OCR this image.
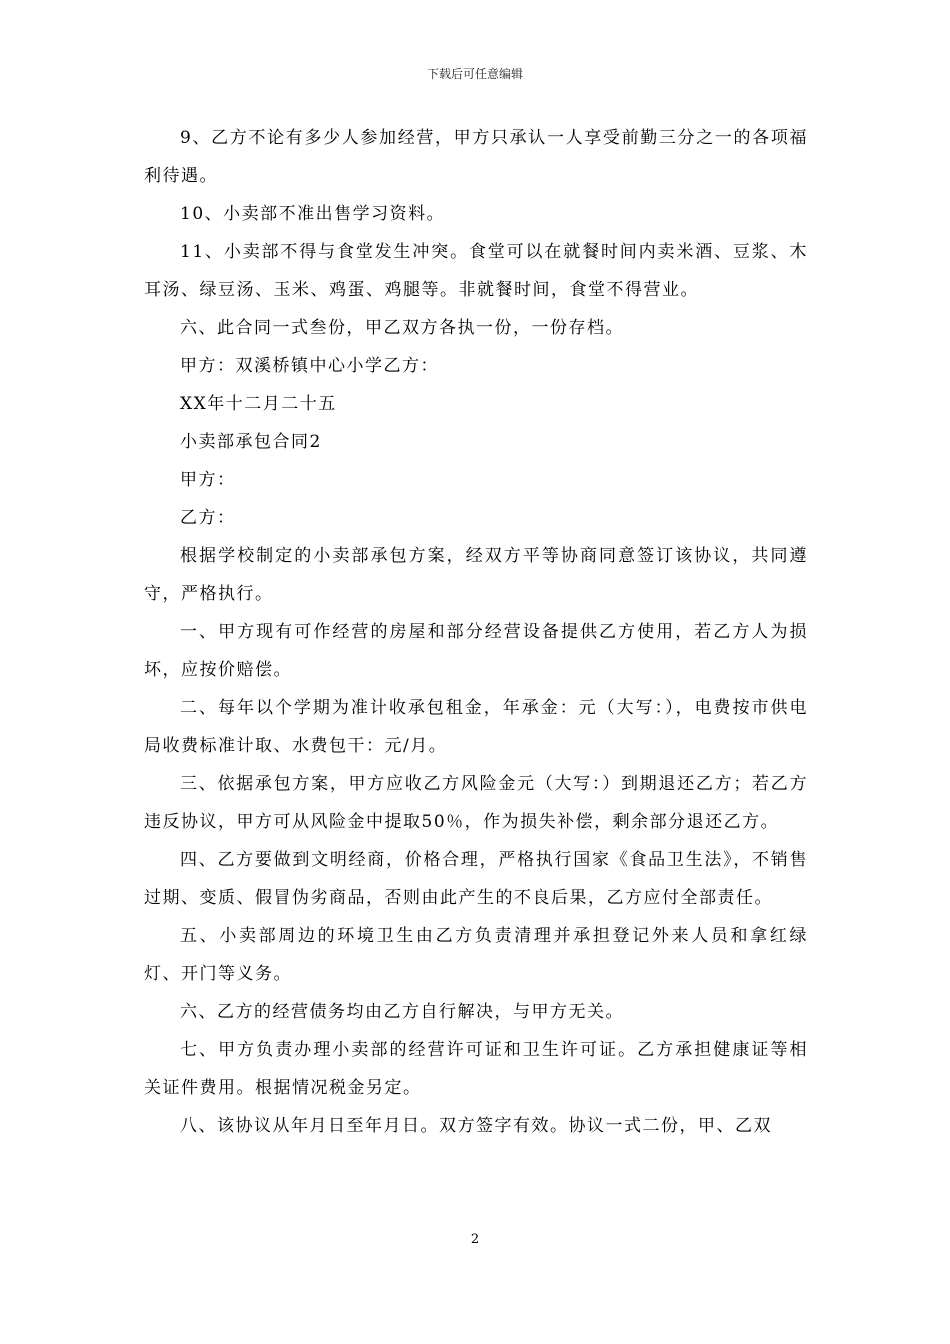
下载后可任意编辑

9、乙方不论有多少人参加经营，甲方只承认一人享受前勤三分之一的各项福利待遇。

10、小卖部不准出售学习资料。

11、小卖部不得与食堂发生冲突。食堂可以在就餐时间内卖米酒、豆浆、木耳汤、绿豆汤、玉米、鸡蛋、鸡腿等。非就餐时间，食堂不得营业。

六、此合同一式叁份，甲乙双方各执一份，一份存档。

甲方：双溪桥镇中心小学乙方：

XX年十二月二十五

小卖部承包合同2

甲方：

乙方：

根据学校制定的小卖部承包方案，经双方平等协商同意签订该协议，共同遵守，严格执行。

一、甲方现有可作经营的房屋和部分经营设备提供乙方使用，若乙方人为损坏，应按价赔偿。

二、每年以个学期为准计收承包租金，年承金：元（大写：），电费按市供电局收费标准计取、水费包干：元/月。

三、依据承包方案，甲方应收乙方风险金元（大写：）到期退还乙方；若乙方违反协议，甲方可从风险金中提取50％，作为损失补偿，剩余部分退还乙方。

四、乙方要做到文明经商，价格合理，严格执行国家《食品卫生法》，不销售过期、变质、假冒伪劣商品，否则由此产生的不良后果，乙方应付全部责任。

五、小卖部周边的环境卫生由乙方负责清理并承担登记外来人员和拿红绿灯、开门等义务。

六、乙方的经营债务均由乙方自行解决，与甲方无关。

七、甲方负责办理小卖部的经营许可证和卫生许可证。乙方承担健康证等相关证件费用。根据情况税金另定。

八、该协议从年月日至年月日。双方签字有效。协议一式二份，甲、乙双

2
